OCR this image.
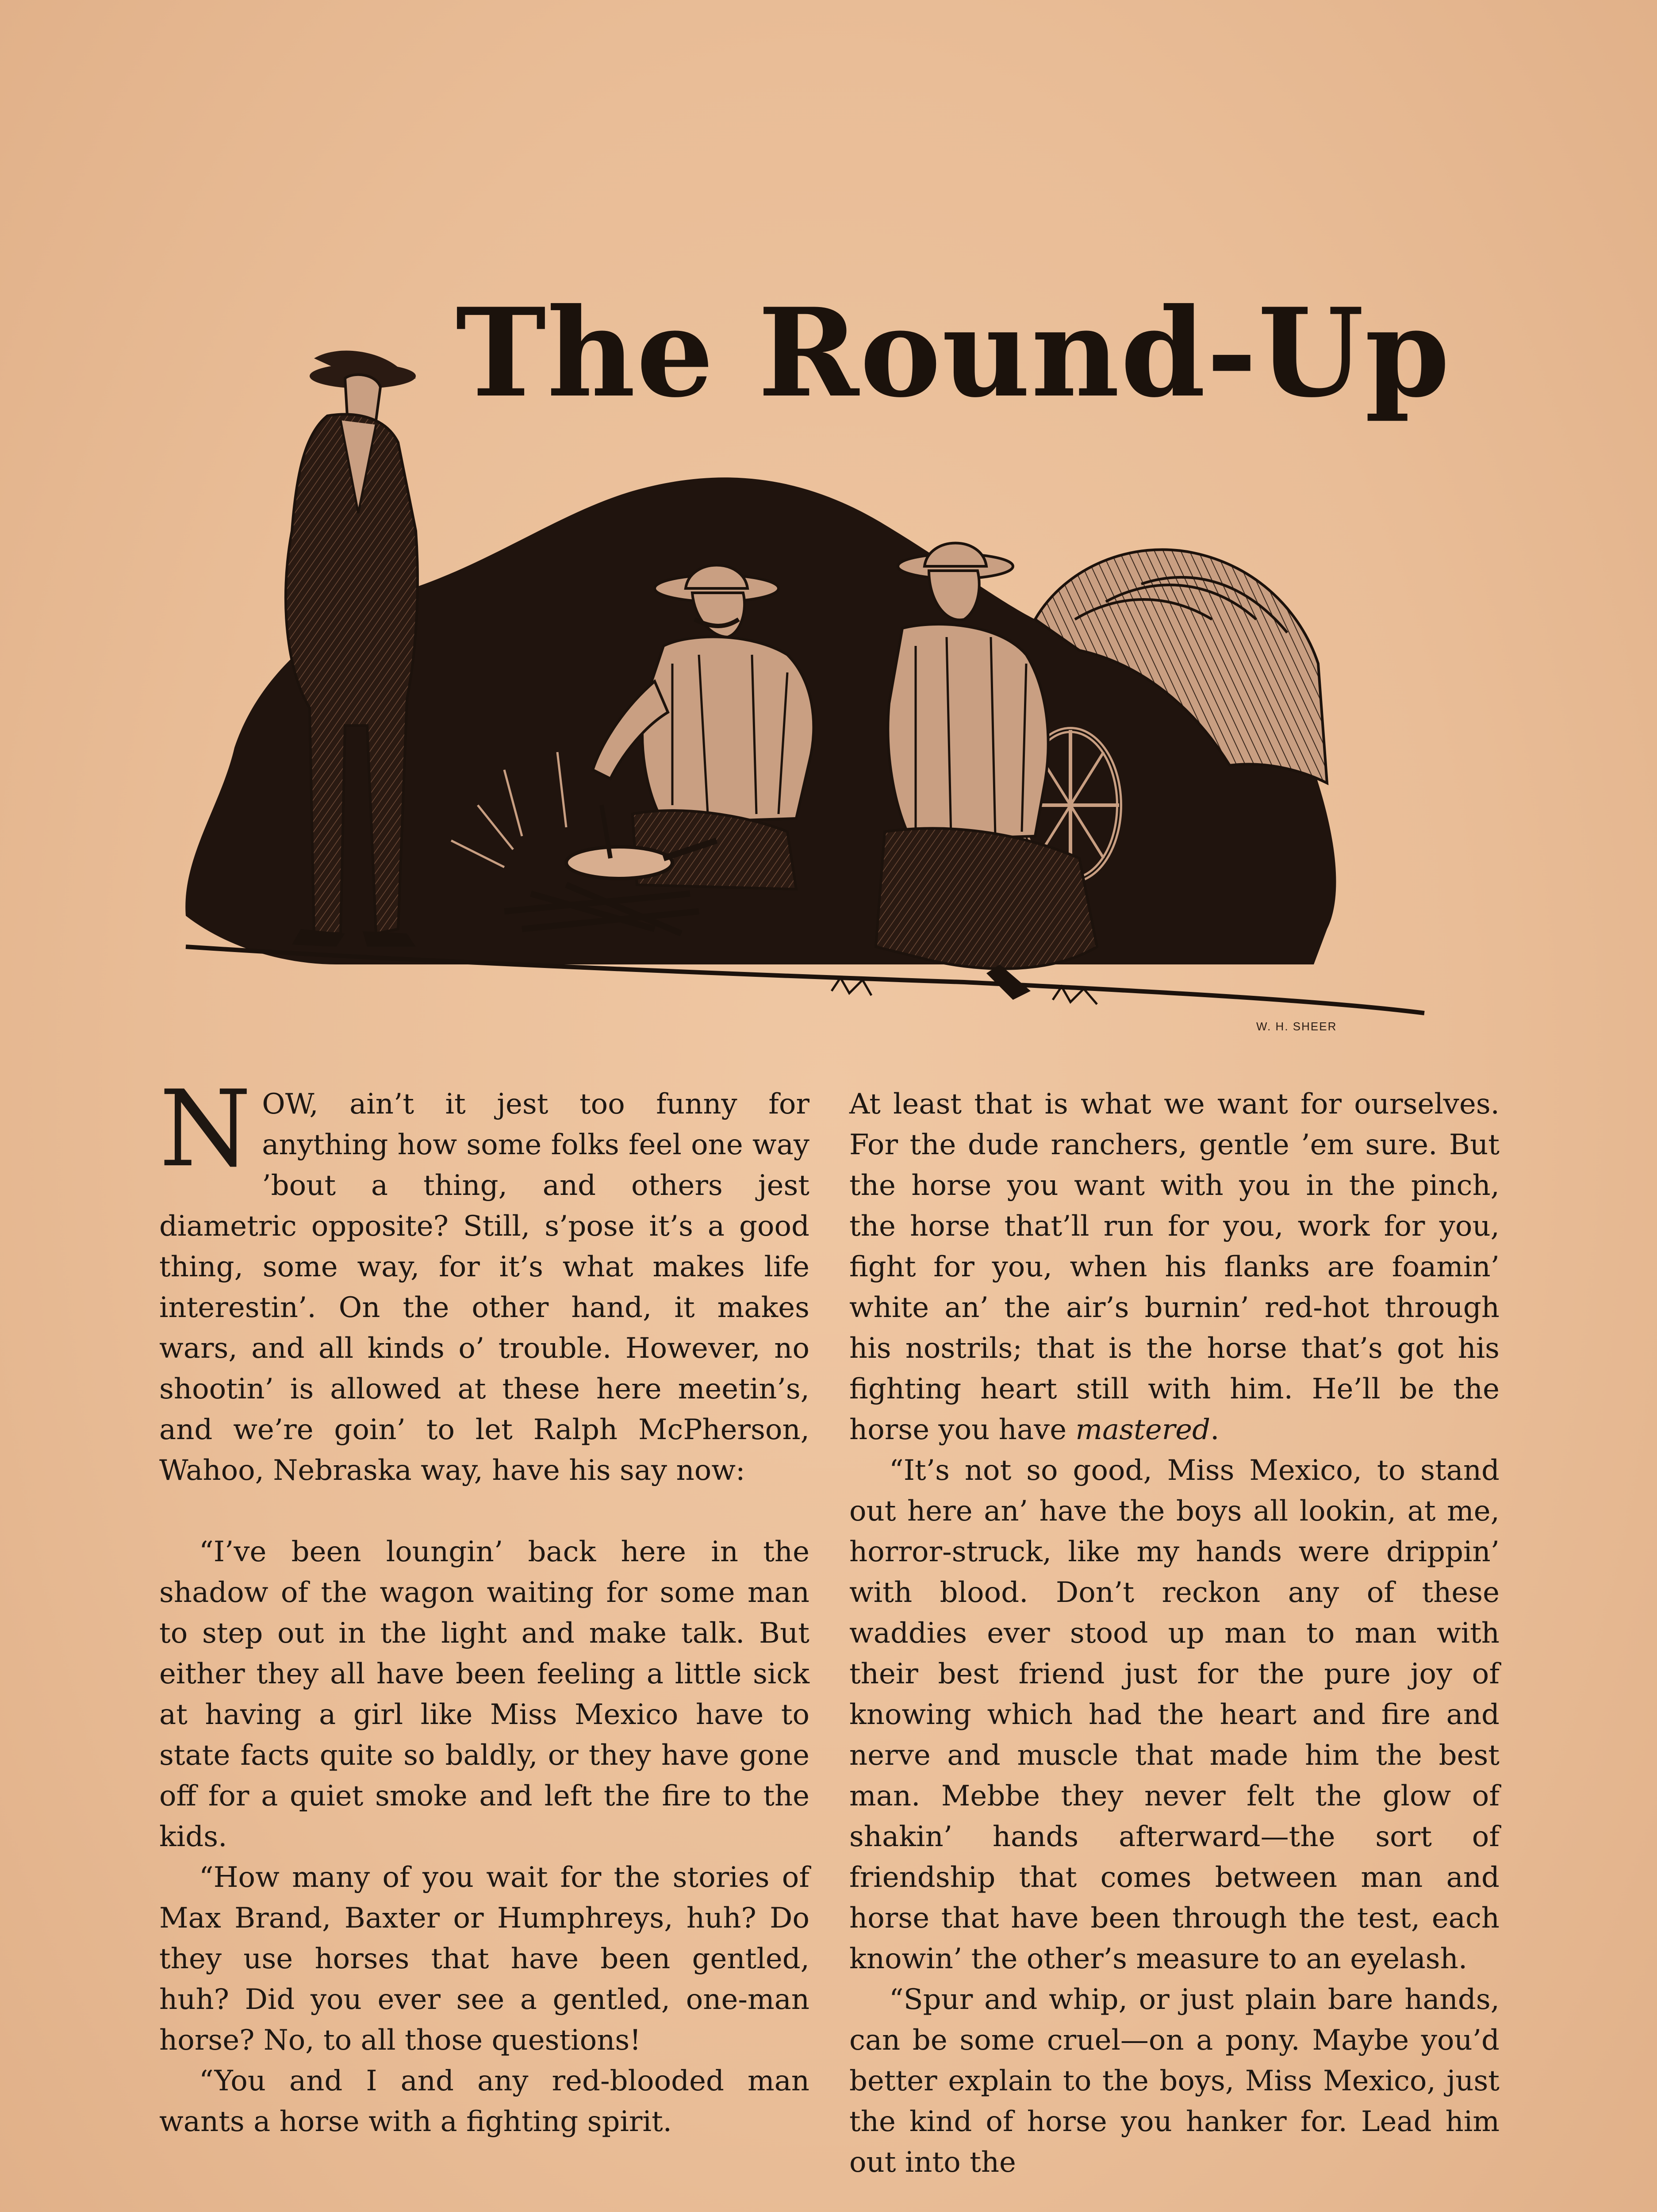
The Round-Up
W. H. SHEER

NOW, ain’t it jest too funny for anything how some folks feel one way ’bout a thing, and others jest diametric opposite? Still, s’pose it’s a good thing, some way, for it’s what makes life interestin’. On the other hand, it makes wars, and all kinds o’ trouble. However, no shootin’ is allowed at these here meetin’s, and we’re goin’ to let Ralph McPherson, Wahoo, Nebraska way, have his say now:

“I’ve been loungin’ back here in the shadow of the wagon waiting for some man to step out in the light and make talk. But either they all have been feeling a little sick at having a girl like Miss Mexico have to state facts quite so baldly, or they have gone off for a quiet smoke and left the fire to the kids.

“How many of you wait for the stories of Max Brand, Baxter or Humphreys, huh? Do they use horses that have been gentled, huh? Did you ever see a gentled, one-man horse? No, to all those questions!

“You and I and any red-blooded man wants a horse with a fighting spirit.

At least that is what we want for ourselves. For the dude ranchers, gentle ’em sure. But the horse you want with you in the pinch, the horse that’ll run for you, work for you, fight for you, when his flanks are foamin’ white an’ the air’s burnin’ red-hot through his nostrils; that is the horse that’s got his fighting heart still with him. He’ll be the horse you have mastered.

“It’s not so good, Miss Mexico, to stand out here an’ have the boys all lookin, at me, horror-struck, like my hands were drippin’ with blood. Don’t reckon any of these waddies ever stood up man to man with their best friend just for the pure joy of knowing which had the heart and fire and nerve and muscle that made him the best man. Mebbe they never felt the glow of shakin’ hands afterward—the sort of friendship that comes between man and horse that have been through the test, each knowin’ the other’s measure to an eyelash.

“Spur and whip, or just plain bare hands, can be some cruel—on a pony. Maybe you’d better explain to the boys, Miss Mexico, just the kind of horse you hanker for. Lead him out into the
